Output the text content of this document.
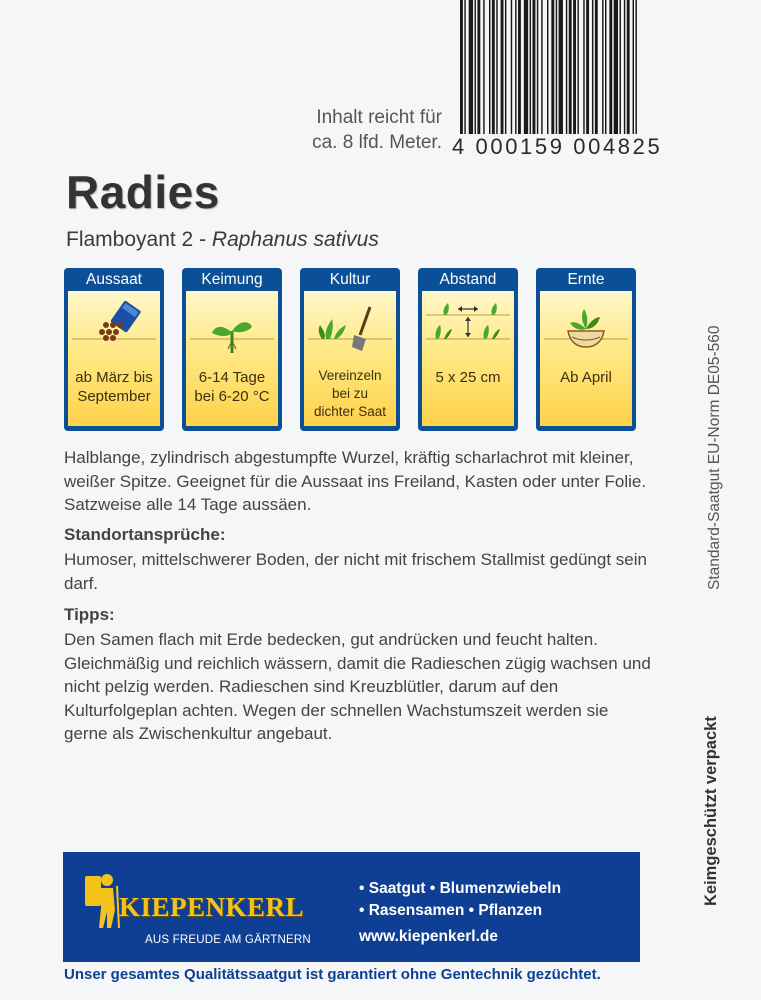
4 000159 004825
Inhalt reicht für
ca. 8 lfd. Meter.
Radies
Flamboyant 2 - Raphanus sativus
Aussaat
ab März bis
September
Keimung
6-14 Tage
bei 6-20 °C
Kultur
Vereinzeln
bei zu
dichter Saat
Abstand
5 x 25 cm
Ernte
Ab April
Halblange, zylindrisch abgestumpfte Wurzel, kräftig scharlachrot mit kleiner, weißer Spitze. Geeignet für die Aussaat ins Freiland, Kasten oder unter Folie. Satzweise alle 14 Tage aussäen.
Standortansprüche:
Humoser, mittelschwerer Boden, der nicht mit frischem Stallmist gedüngt sein darf.
Tipps:
Den Samen flach mit Erde bedecken, gut andrücken und feucht halten. Gleichmäßig und reichlich wässern, damit die Radieschen zügig wachsen und nicht pelzig werden. Radieschen sind Kreuzblütler, darum auf den Kulturfolgeplan achten. Wegen der schnellen Wachstumszeit werden sie gerne als Zwischenkultur angebaut.
Standard-Saatgut EU-Norm DE05-560
Keimgeschützt verpackt
KIEPENKERL
AUS FREUDE AM GÄRTNERN
• Saatgut • Blumenzwiebeln
• Rasensamen • Pflanzen
www.kiepenkerl.de
Unser gesamtes Qualitätssaatgut ist garantiert ohne Gentechnik gezüchtet.
